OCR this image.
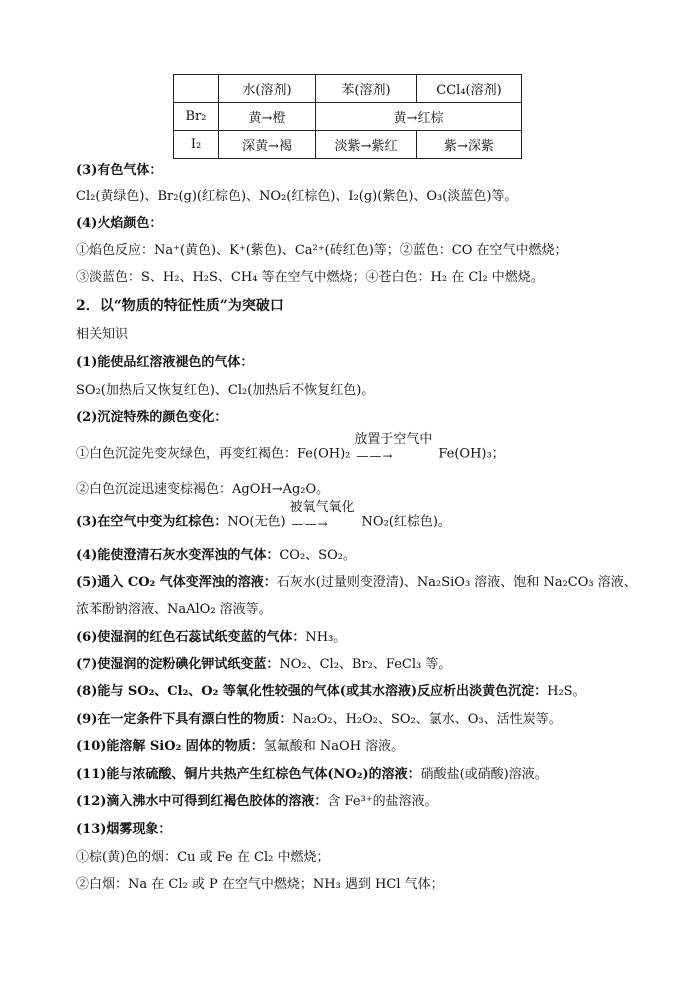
	水(溶剂)	苯(溶剂)	CCl₄(溶剂)
Br₂	黄→橙	黄→红棕	
I₂	深黄→褐	淡紫→紫红	紫→深紫
(3)有色气体：
Cl₂(黄绿色)、Br₂(g)(红棕色)、NO₂(红棕色)、I₂(g)(紫色)、O₃(淡蓝色)等。
(4)火焰颜色：
①焰色反应：Na⁺(黄色)、K⁺(紫色)、Ca²⁺(砖红色)等；②蓝色：CO 在空气中燃烧；
③淡蓝色：S、H₂、H₂S、CH₄ 等在空气中燃烧；④苍白色：H₂ 在 Cl₂ 中燃烧。
2．以“物质的特征性质”为突破口
相关知识
(1)能使品红溶液褪色的气体：
SO₂(加热后又恢复红色)、Cl₂(加热后不恢复红色)。
(2)沉淀特殊的颜色变化：
①白色沉淀先变灰绿色，再变红褐色：Fe(OH)₂
放置于空气中
——→	Fe(OH)₃；
②白色沉淀迅速变棕褐色：AgOH→Ag₂O。
(3)在空气中变为红棕色：NO(无色)
被氧气氧化
——→	NO₂(红棕色)。
(4)能使澄清石灰水变浑浊的气体：CO₂、SO₂。
(5)通入 CO₂ 气体变浑浊的溶液：石灰水(过量则变澄清)、Na₂SiO₃ 溶液、饱和 Na₂CO₃ 溶液、
浓苯酚钠溶液、NaAlO₂ 溶液等。
(6)使湿润的红色石蕊试纸变蓝的气体：NH₃。
(7)使湿润的淀粉碘化钾试纸变蓝：NO₂、Cl₂、Br₂、FeCl₃ 等。
(8)能与 SO₂、Cl₂、O₂ 等氧化性较强的气体(或其水溶液)反应析出淡黄色沉淀：H₂S。
(9)在一定条件下具有漂白性的物质：Na₂O₂、H₂O₂、SO₂、氯水、O₃、活性炭等。
(10)能溶解 SiO₂ 固体的物质：氢氟酸和 NaOH 溶液。
(11)能与浓硫酸、铜片共热产生红棕色气体(NO₂)的溶液：硝酸盐(或硝酸)溶液。
(12)滴入沸水中可得到红褐色胶体的溶液：含 Fe³⁺的盐溶液。
(13)烟雾现象：
①棕(黄)色的烟：Cu 或 Fe 在 Cl₂ 中燃烧；
②白烟：Na 在 Cl₂ 或 P 在空气中燃烧；NH₃ 遇到 HCl 气体；
